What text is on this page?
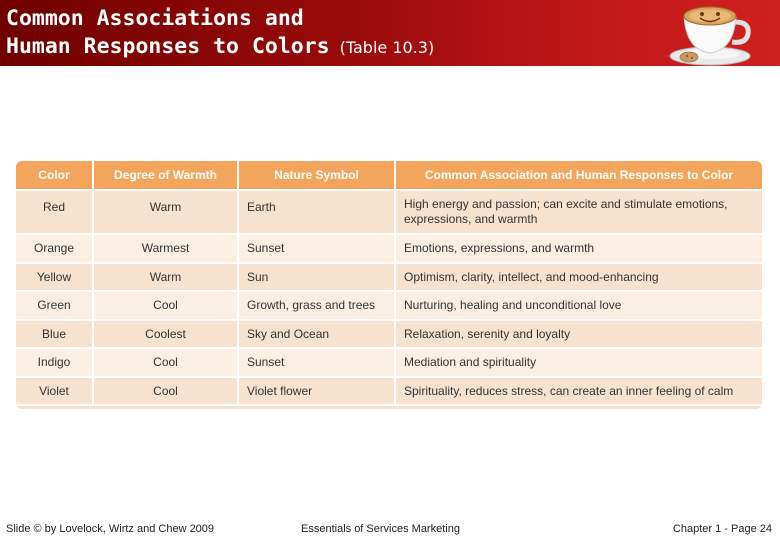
Common Associations and
Human Responses to Colors (Table 10.3)
Color	Degree of Warmth	Nature Symbol	Common Association and Human Responses to Color
Red	Warm	Earth	High energy and passion; can excite and stimulate emotions, expressions, and warmth
Orange	Warmest	Sunset	Emotions, expressions, and warmth
Yellow	Warm	Sun	Optimism, clarity, intellect, and mood-enhancing
Green	Cool	Growth, grass and trees	Nurturing, healing and unconditional love
Blue	Coolest	Sky and Ocean	Relaxation, serenity and loyalty
Indigo	Cool	Sunset	Mediation and spirituality
Violet	Cool	Violet flower	Spirituality, reduces stress, can create an inner feeling of calm
Slide © by Lovelock, Wirtz and Chew 2009	Essentials of Services Marketing	Chapter 1 - Page 24
